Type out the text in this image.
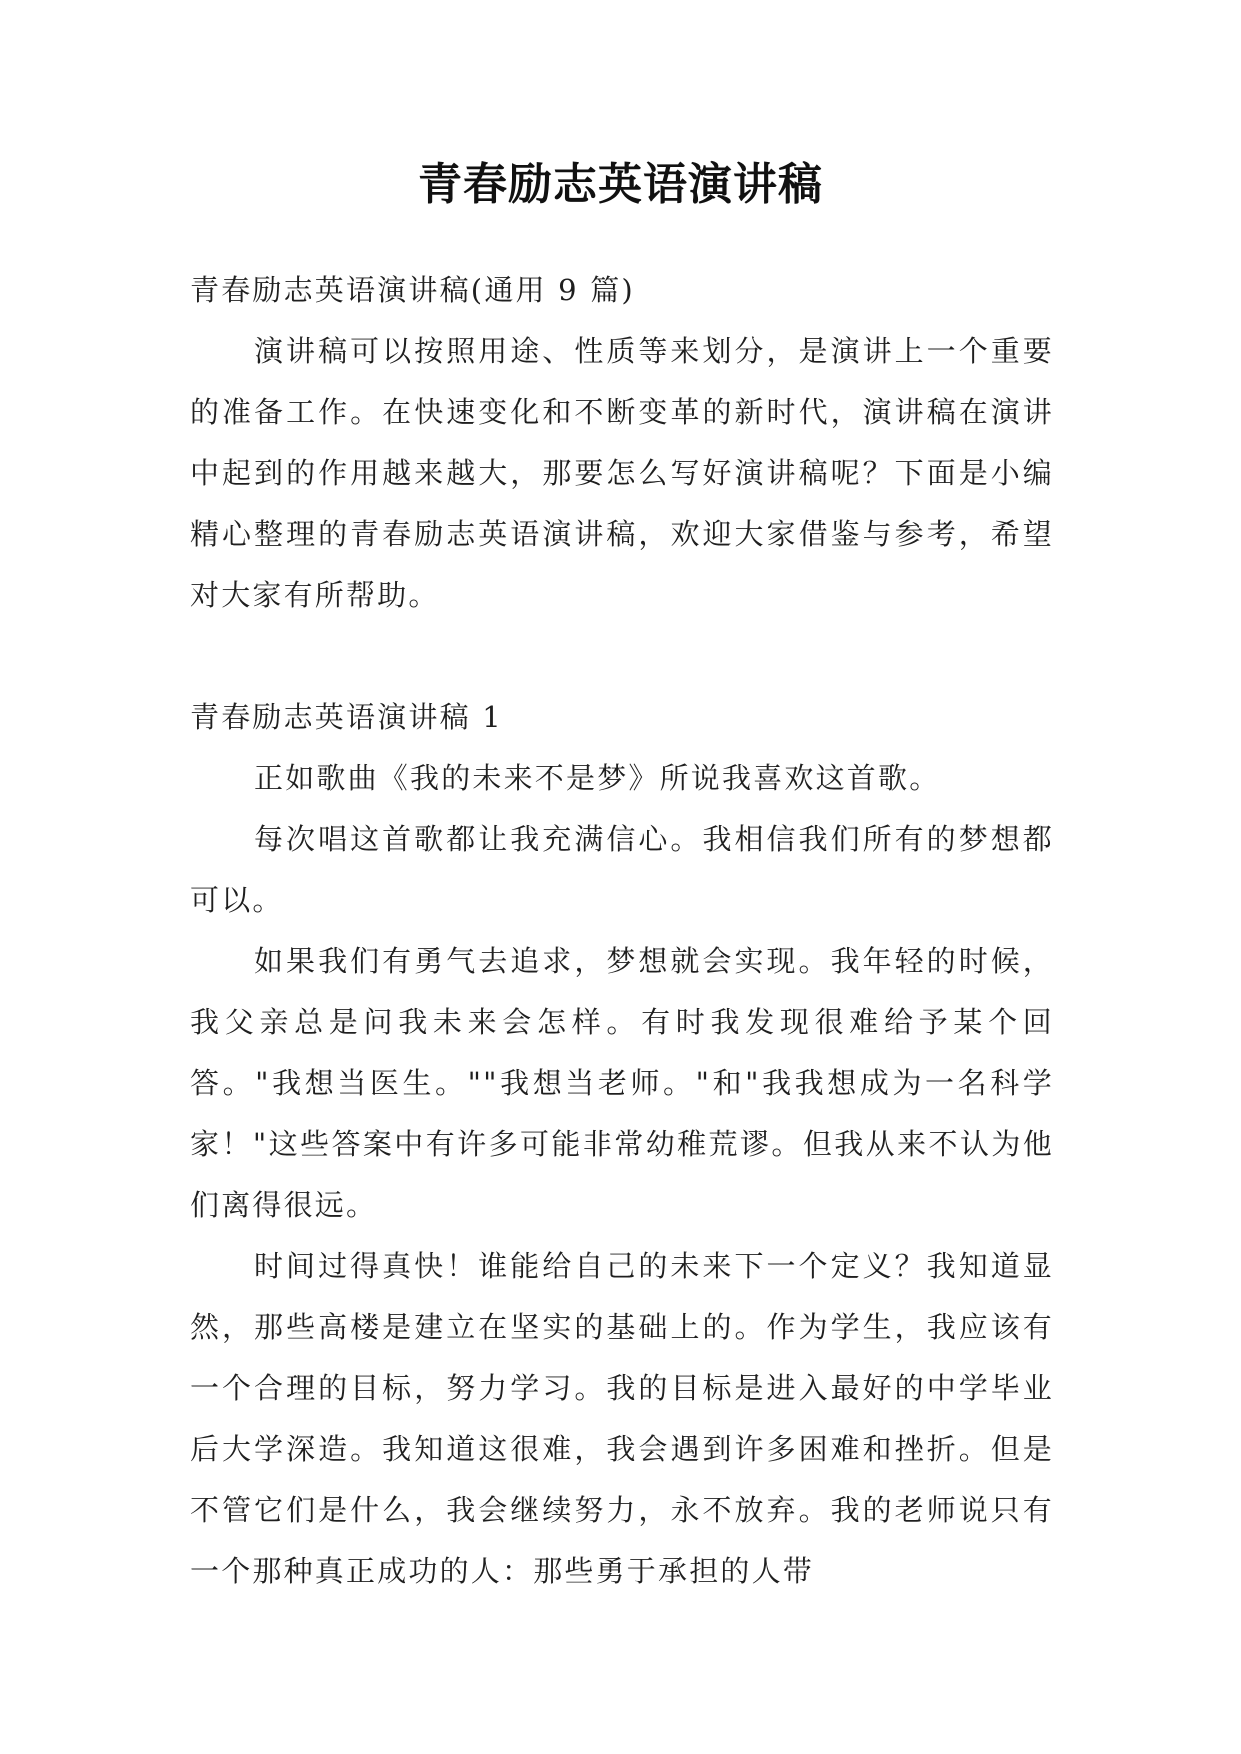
青春励志英语演讲稿

青春励志英语演讲稿(通用 9 篇)

演讲稿可以按照用途、性质等来划分，是演讲上一个重要的准备工作。在快速变化和不断变革的新时代，演讲稿在演讲中起到的作用越来越大，那要怎么写好演讲稿呢？下面是小编精心整理的青春励志英语演讲稿，欢迎大家借鉴与参考，希望对大家有所帮助。

青春励志英语演讲稿 1

正如歌曲《我的未来不是梦》所说我喜欢这首歌。

每次唱这首歌都让我充满信心。我相信我们所有的梦想都可以。

如果我们有勇气去追求，梦想就会实现。我年轻的时候，我父亲总是问我未来会怎样。有时我发现很难给予某个回答。"我想当医生。""我想当老师。"和"我我想成为一名科学家！"这些答案中有许多可能非常幼稚荒谬。但我从来不认为他们离得很远。

时间过得真快！谁能给自己的未来下一个定义？我知道显然，那些高楼是建立在坚实的基础上的。作为学生，我应该有一个合理的目标，努力学习。我的目标是进入最好的中学毕业后大学深造。我知道这很难，我会遇到许多困难和挫折。但是不管它们是什么，我会继续努力，永不放弃。我的老师说只有一个那种真正成功的人：那些勇于承担的人带
